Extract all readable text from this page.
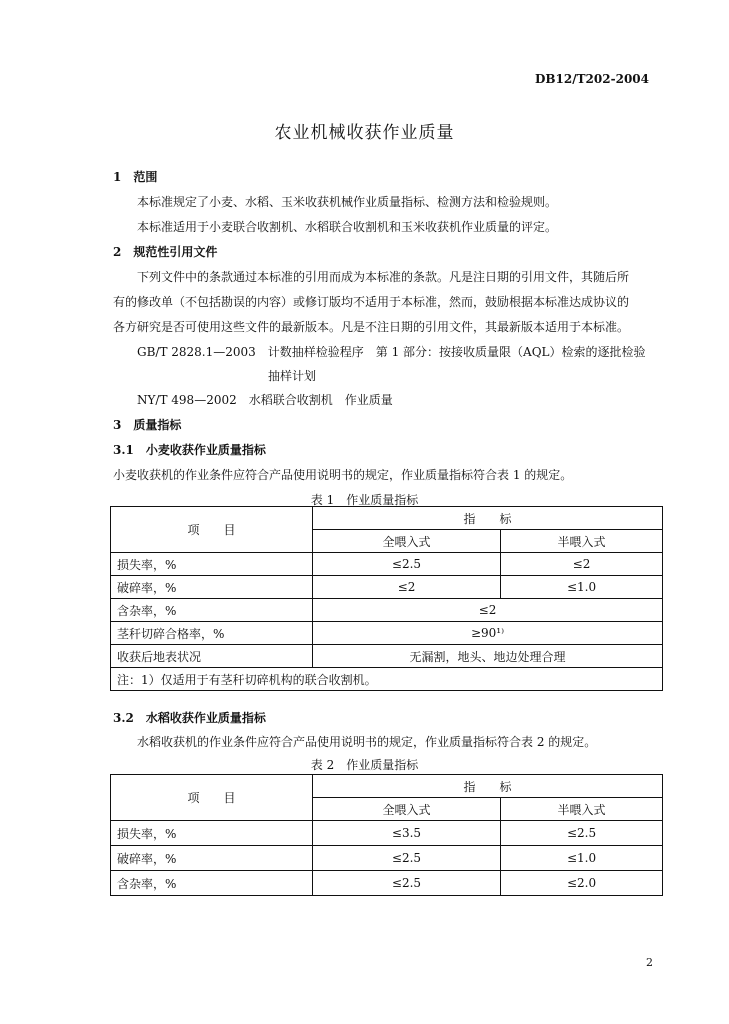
DB12/T202-2004
农业机械收获作业质量
1　范围
本标准规定了小麦、水稻、玉米收获机械作业质量指标、检测方法和检验规则。
本标准适用于小麦联合收割机、水稻联合收割机和玉米收获机作业质量的评定。
2　规范性引用文件
下列文件中的条款通过本标准的引用而成为本标准的条款。凡是注日期的引用文件，其随后所
有的修改单（不包括勘误的内容）或修订版均不适用于本标准，然而，鼓励根据本标准达成协议的
各方研究是否可使用这些文件的最新版本。凡是不注日期的引用文件，其最新版本适用于本标准。
GB/T 2828.1—2003　计数抽样检验程序　第 1 部分：按接收质量限（AQL）检索的逐批检验
抽样计划
NY/T 498—2002　水稻联合收割机　作业质量
3　质量指标
3.1　小麦收获作业质量指标
小麦收获机的作业条件应符合产品使用说明书的规定，作业质量指标符合表 1 的规定。
表 1　作业质量指标
项　　目	指　　标	
	全喂入式	半喂入式
损失率，%	≤2.5	≤2
破碎率，%	≤2	≤1.0
含杂率，%	≤2	
茎秆切碎合格率，%	≥90¹⁾	
收获后地表状况	无漏割，地头、地边处理合理	
注：1）仅适用于有茎秆切碎机构的联合收割机。		
3.2　水稻收获作业质量指标
水稻收获机的作业条件应符合产品使用说明书的规定，作业质量指标符合表 2 的规定。
表 2　作业质量指标
项　　目	指　　标	
	全喂入式	半喂入式
损失率，%	≤3.5	≤2.5
破碎率，%	≤2.5	≤1.0
含杂率，%	≤2.5	≤2.0
2
